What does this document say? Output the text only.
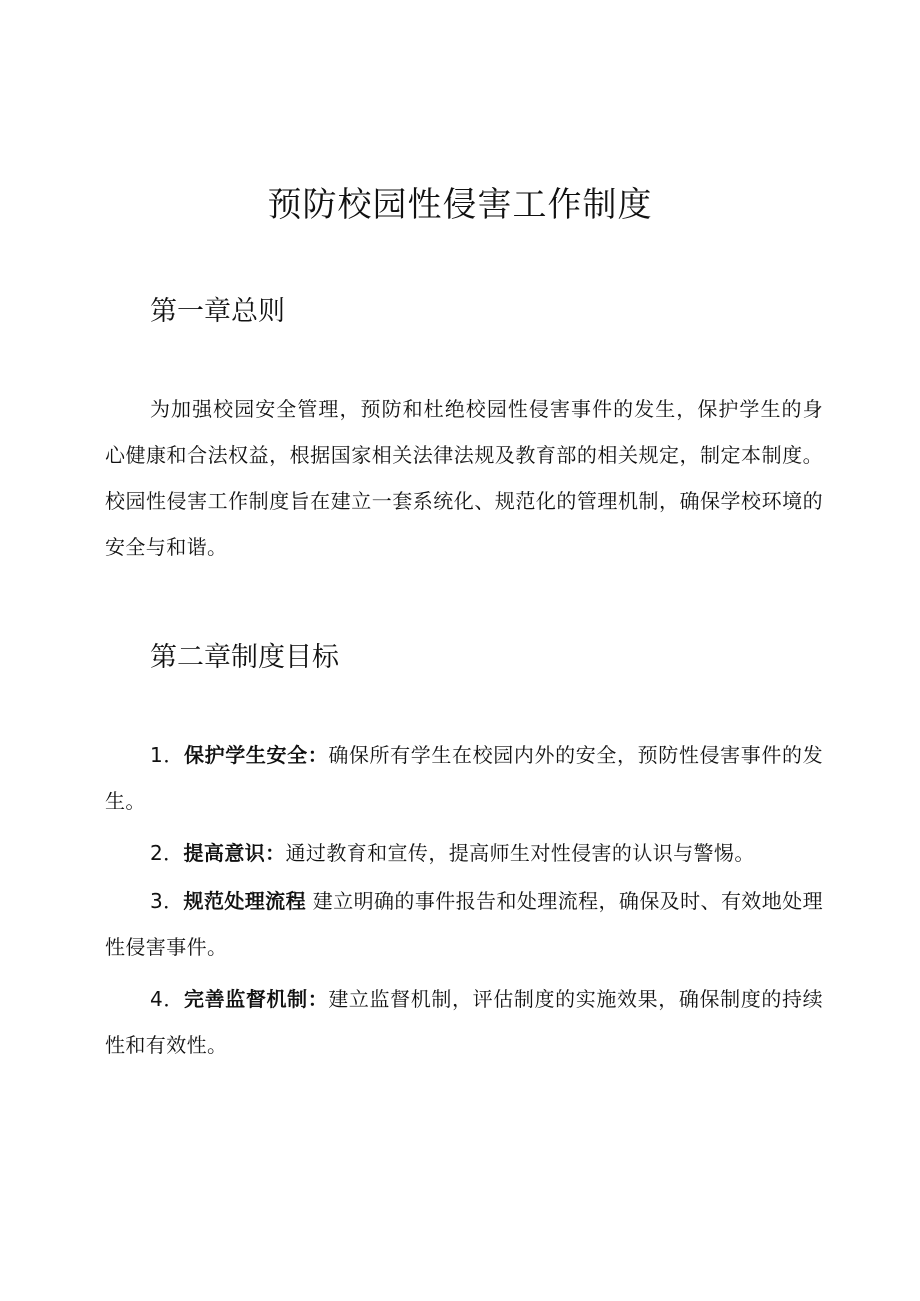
预防校园性侵害工作制度
第一章总则

为加强校园安全管理，预防和杜绝校园性侵害事件的发生，保护学生的身心健康和合法权益，根据国家相关法律法规及教育部的相关规定，制定本制度。校园性侵害工作制度旨在建立一套系统化、规范化的管理机制，确保学校环境的安全与和谐。

第二章制度目标

1．保护学生安全：确保所有学生在校园内外的安全，预防性侵害事件的发生。

2．提高意识：通过教育和宣传，提高师生对性侵害的认识与警惕。

3．规范处理流程 建立明确的事件报告和处理流程，确保及时、有效地处理性侵害事件。

4．完善监督机制：建立监督机制，评估制度的实施效果，确保制度的持续性和有效性。
